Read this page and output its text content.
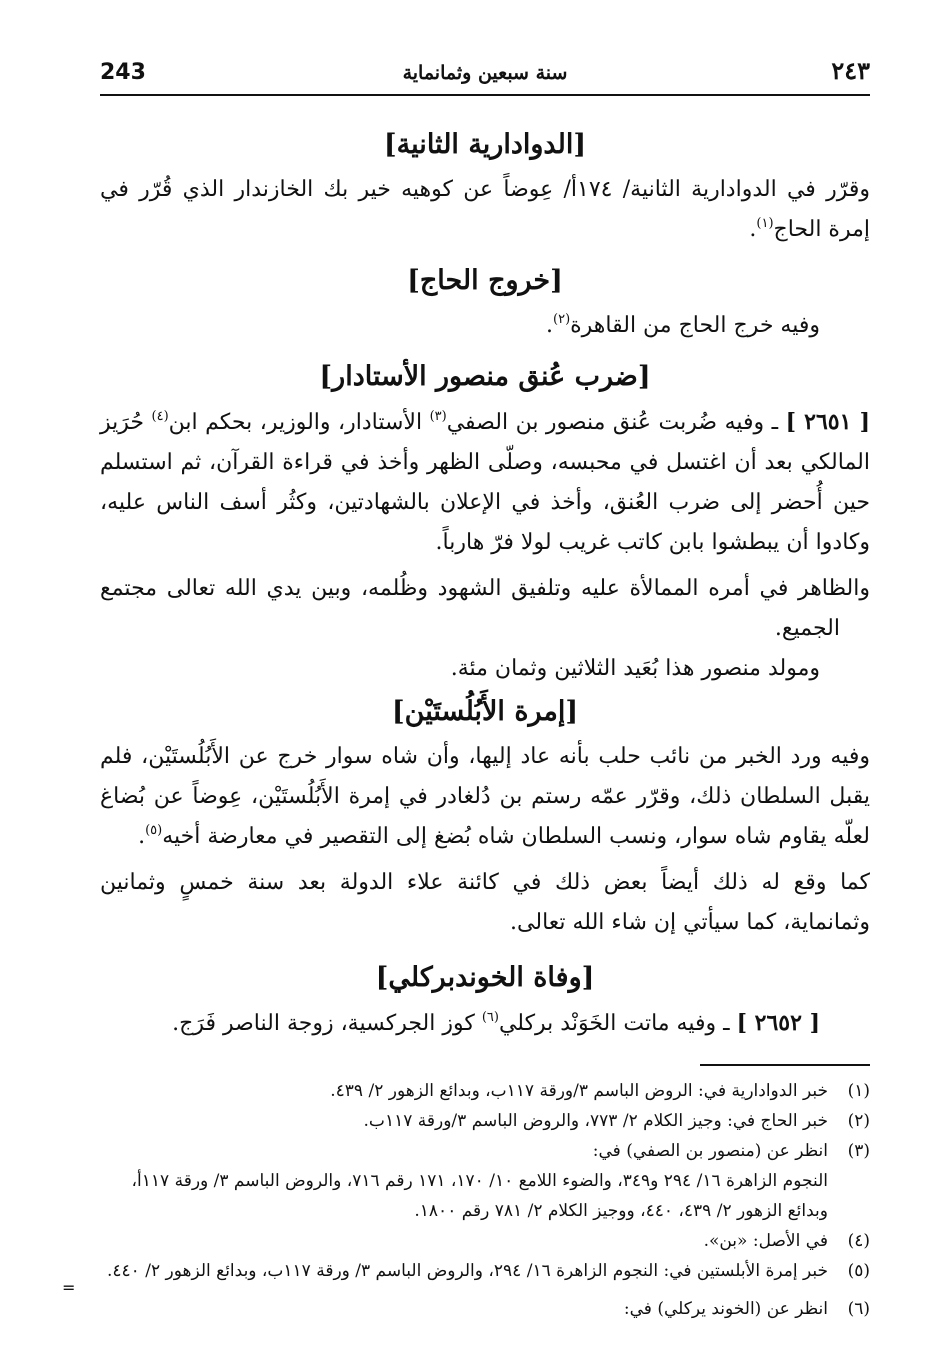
٢٤٣
سنة سبعين وثمانماية
243
[الدوادارية الثانية]

وقرّر في الدوادارية الثانية/ ١٧٤أ/ عِوضاً عن كوهيه خير بك الخازندار الذي قُرّر في إمرة الحاج$^{(١)}$.

[خروج الحاج]

وفيه خرج الحاج من القاهرة$^{(٢)}$.

[ضرب عُنق منصور الأستادار]

[ ٢٦٥١ ] ـ وفيه ضُربت عُنق منصور بن الصفي$^{(٣)}$ الأستادار، والوزير، بحكم ابن$^{(٤)}$ حُرَيز المالكي بعد أن اغتسل في محبسه، وصلّى الظهر وأخذ في قراءة القرآن، ثم استسلم حين أُحضر إلى ضرب العُنق، وأخذ في الإعلان بالشهادتين، وكثُر أسف الناس عليه، وكادوا أن يبطشوا بابن كاتب غريب لولا فرّ هارباً.

والظاهر في أمره الممالأة عليه وتلفيق الشهود وظُلمه، وبين يدي الله تعالى مجتمع الجميع.

ومولد منصور هذا بُعَيد الثلاثين وثمان مئة.

[إمرة الأَبُلُستَيْن]

وفيه ورد الخبر من نائب حلب بأنه عاد إليها، وأن شاه سوار خرج عن الأَبُلُستَيْن، فلم يقبل السلطان ذلك، وقرّر عمّه رستم بن دُلغادر في إمرة الأَبُلُستَيْن، عِوضاً عن بُضاغ لعلّه يقاوم شاه سوار، ونسب السلطان شاه بُضغ إلى التقصير في معارضة أخيه$^{(٥)}$.

كما وقع له ذلك أيضاً بعض ذلك في كائنة علاء الدولة بعد سنة خمسٍ وثمانين وثمانماية، كما سيأتي إن شاء الله تعالى.

[وفاة الخوندبركلي]

[ ٢٦٥٢ ] ـ وفيه ماتت الخَوَنْد بركلي$^{(٦)}$ كوز الجركسية، زوجة الناصر فَرَج.

(١)
خبر الدوادارية في: الروض الباسم ٣/ورقة ١١٧ب، وبدائع الزهور ٢/ ٤٣٩.
(٢)
خبر الحاج في: وجيز الكلام ٢/ ٧٧٣، والروض الباسم ٣/ورقة ١١٧ب.
(٣)
انظر عن (منصور بن الصفي) في:
النجوم الزاهرة ١٦/ ٢٩٤ و٣٤٩، والضوء اللامع ١٠/ ١٧٠، ١٧١ رقم ٧١٦، والروض الباسم ٣/ ورقة ١١٧أ، وبدائع الزهور ٢/ ٤٣٩، ٤٤٠، ووجيز الكلام ٢/ ٧٨١ رقم ١٨٠٠.
(٤)
في الأصل: «بن».
(٥)
خبر إمرة الأبلستين في: النجوم الزاهرة ١٦/ ٢٩٤، والروض الباسم ٣/ ورقة ١١٧ب، وبدائع الزهور ٢/ ٤٤٠.
(٦)
انظر عن (الخوند يركلي) في:
=
